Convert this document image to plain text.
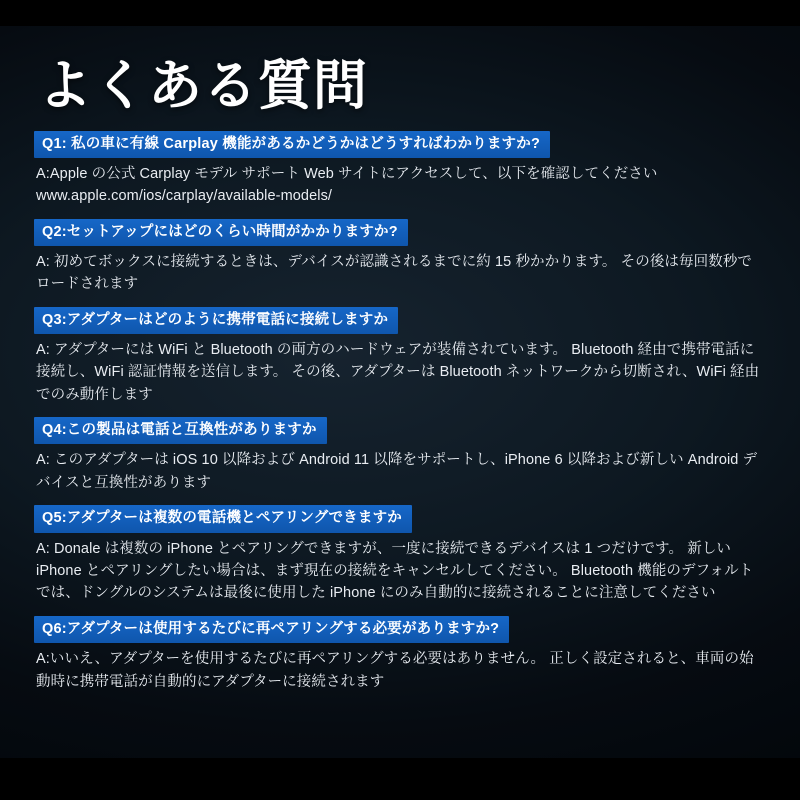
よくある質問
Q1: 私の車に有線 Carplay 機能があるかどうかはどうすればわかりますか?
A:Apple の公式 Carplay モデル サポート Web サイトにアクセスして、以下を確認してください www.apple.com/ios/carplay/available-models/
Q2:セットアップにはどのくらい時間がかかりますか?
A: 初めてボックスに接続するときは、デバイスが認識されるまでに約 15 秒かかります。 その後は毎回数秒でロードされます
Q3:アダプターはどのように携帯電話に接続しますか
A: アダプターには WiFi と Bluetooth の両方のハードウェアが装備されています。 Bluetooth 経由で携帯電話に接続し、WiFi 認証情報を送信します。 その後、アダプターは Bluetooth ネットワークから切断され、WiFi 経由でのみ動作します
Q4:この製品は電話と互換性がありますか
A: このアダプターは iOS 10 以降および Android 11 以降をサポートし、iPhone 6 以降および新しい Android デバイスと互換性があります
Q5:アダプターは複数の電話機とペアリングできますか
A: Donale は複数の iPhone とペアリングできますが、一度に接続できるデバイスは 1 つだけです。 新しい iPhone とペアリングしたい場合は、まず現在の接続をキャンセルしてください。 Bluetooth 機能のデフォルトでは、ドングルのシステムは最後に使用した iPhone にのみ自動的に接続されることに注意してください
Q6:アダプターは使用するたびに再ペアリングする必要がありますか?
A:いいえ、アダプターを使用するたびに再ペアリングする必要はありません。 正しく設定されると、車両の始動時に携帯電話が自動的にアダプターに接続されます
